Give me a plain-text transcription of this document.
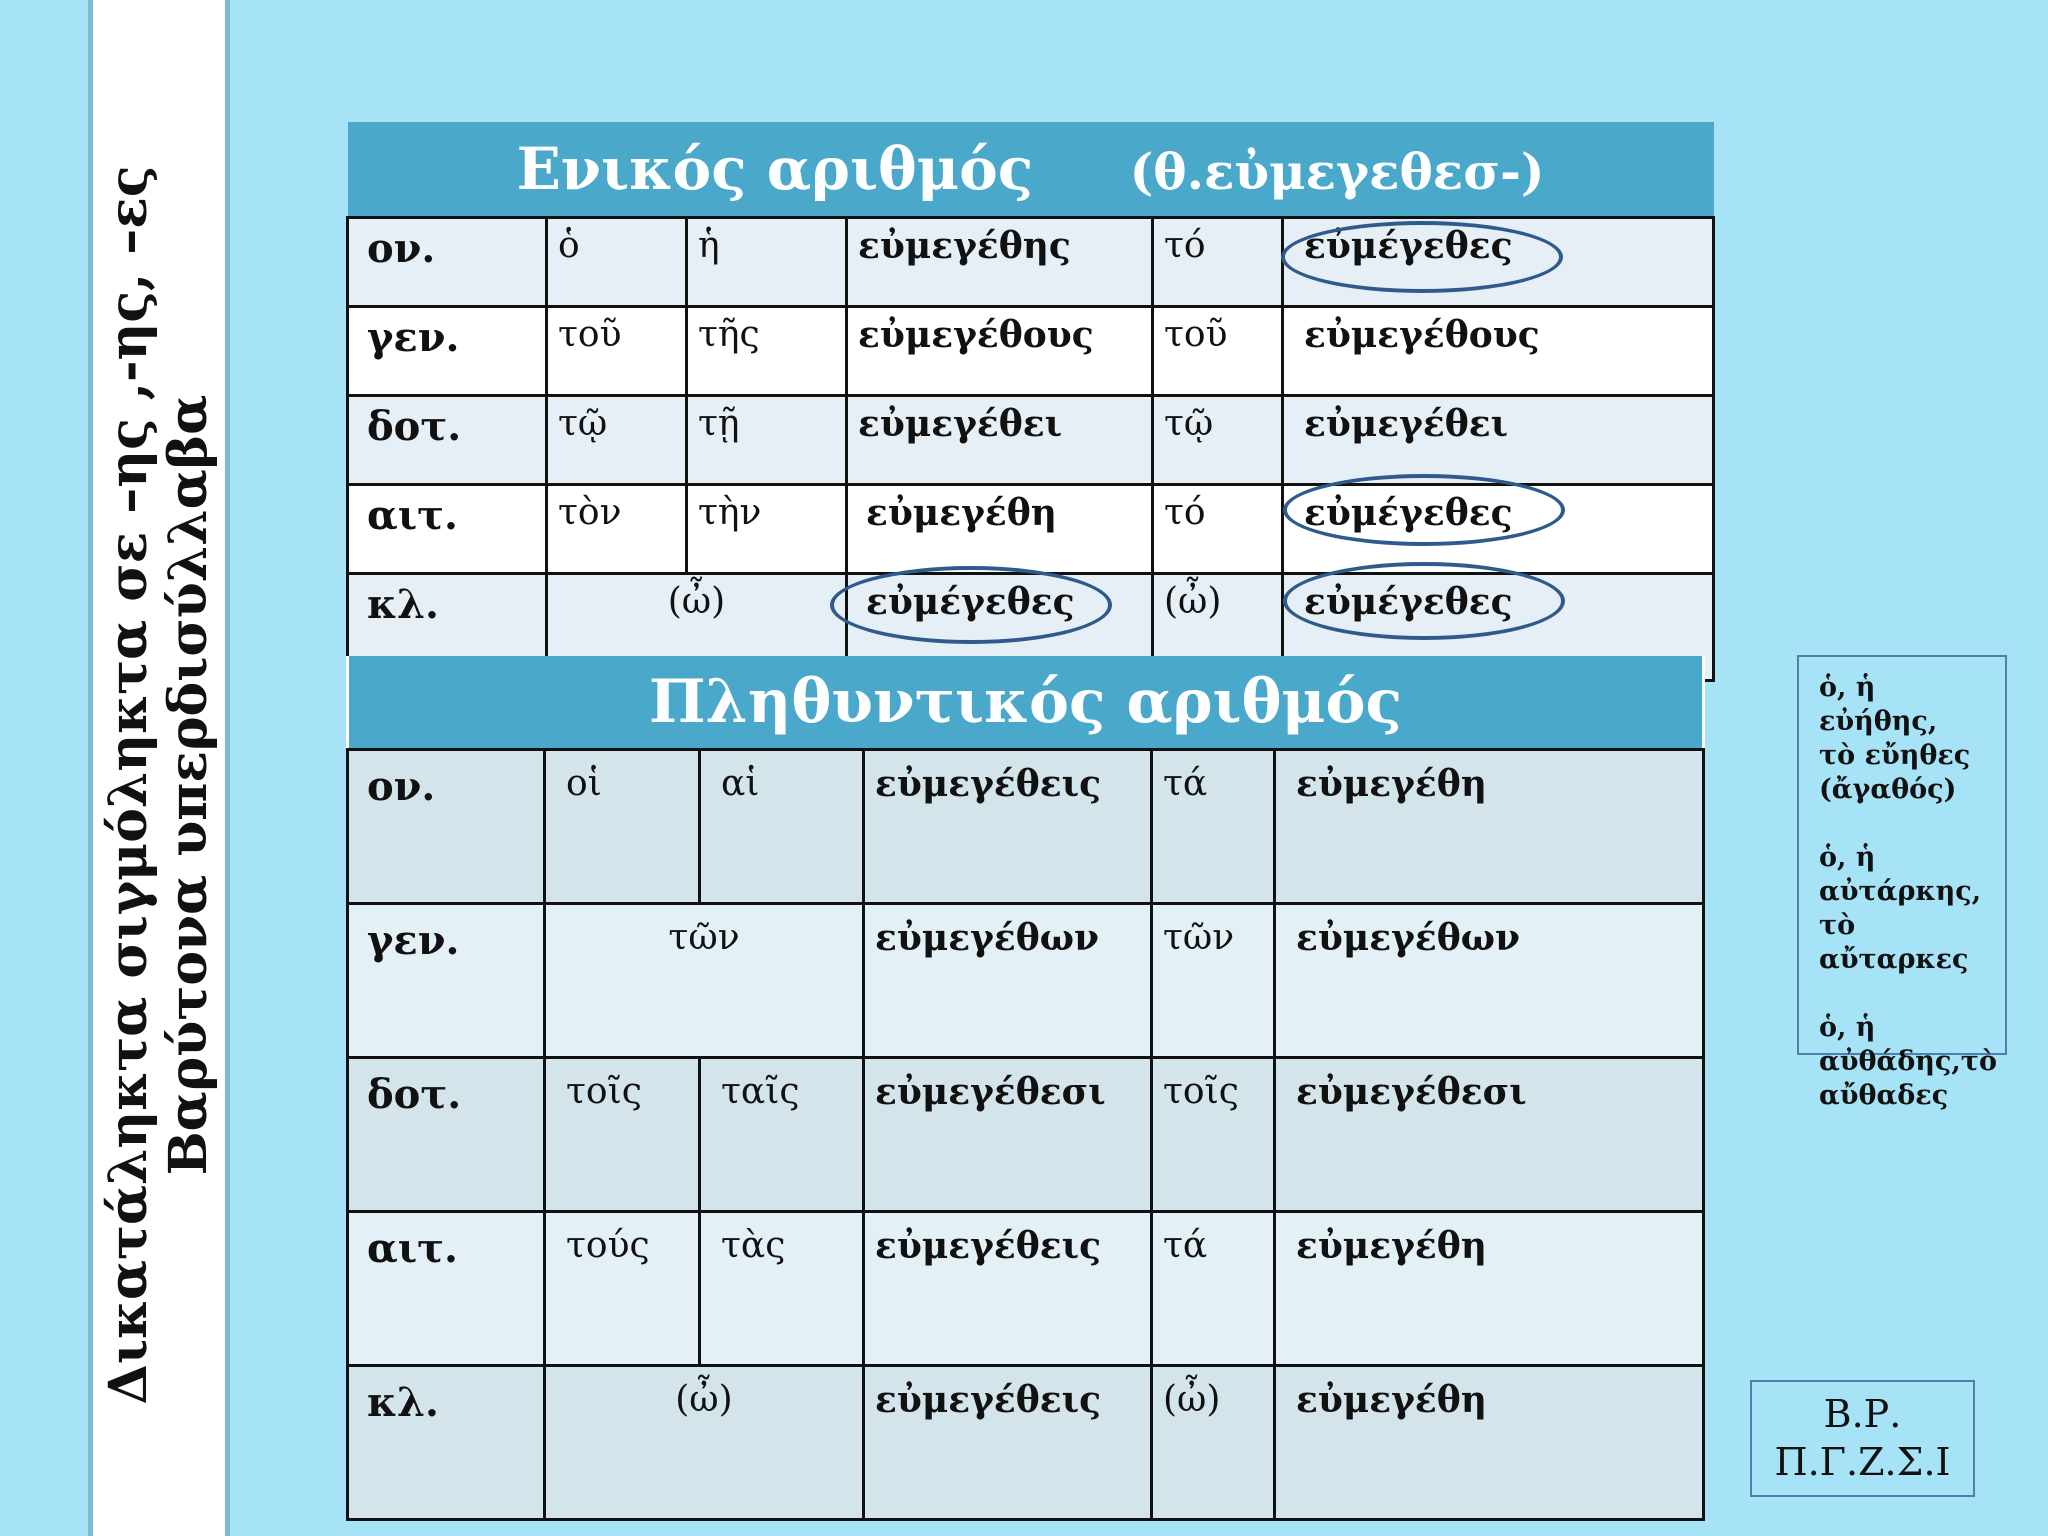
Δικατάληκτα σιγμόληκτα σε –ης ,-ης, –ες Βαρύτονα υπερδισύλλαβα
Ενικός αριθμός (θ.εὐμεγεθεσ-)					
ον.	ὁ	ἡ	εὐμεγέθης	τό	εὐμέγεθες
γεν.	τοῦ	τῆς	εὐμεγέθους	τοῦ	εὐμεγέθους
δοτ.	τῷ	τῇ	εὐμεγέθει	τῷ	εὐμεγέθει
αιτ.	τὸν	τὴν	εὐμεγέθη	τό	εὐμέγεθες
κλ.	(ὦ)		εὐμέγεθες	(ὦ)	εὐμέγεθες
Πληθυντικός αριθμός					
ον.	οἱ	αἱ	εὐμεγέθεις	τά	εὐμεγέθη
γεν.	τῶν		εὐμεγέθων	τῶν	εὐμεγέθων
δοτ.	τοῖς	ταῖς	εὐμεγέθεσι	τοῖς	εὐμεγέθεσι
αιτ.	τούς	τὰς	εὐμεγέθεις	τά	εὐμεγέθη
κλ.	(ὦ)		εὐμεγέθεις	(ὦ)	εὐμεγέθη

ὁ, ἡ εὐήθης,
τὸ εὔηθες
(ἄγαθός)

ὁ, ἡ
αὐτάρκης,
τὸ αὔταρκες

ὁ, ἡ
αὐθάδης,τὸ
αὔθαδες

Β.Ρ.
Π.Γ.Ζ.Σ.Ι
